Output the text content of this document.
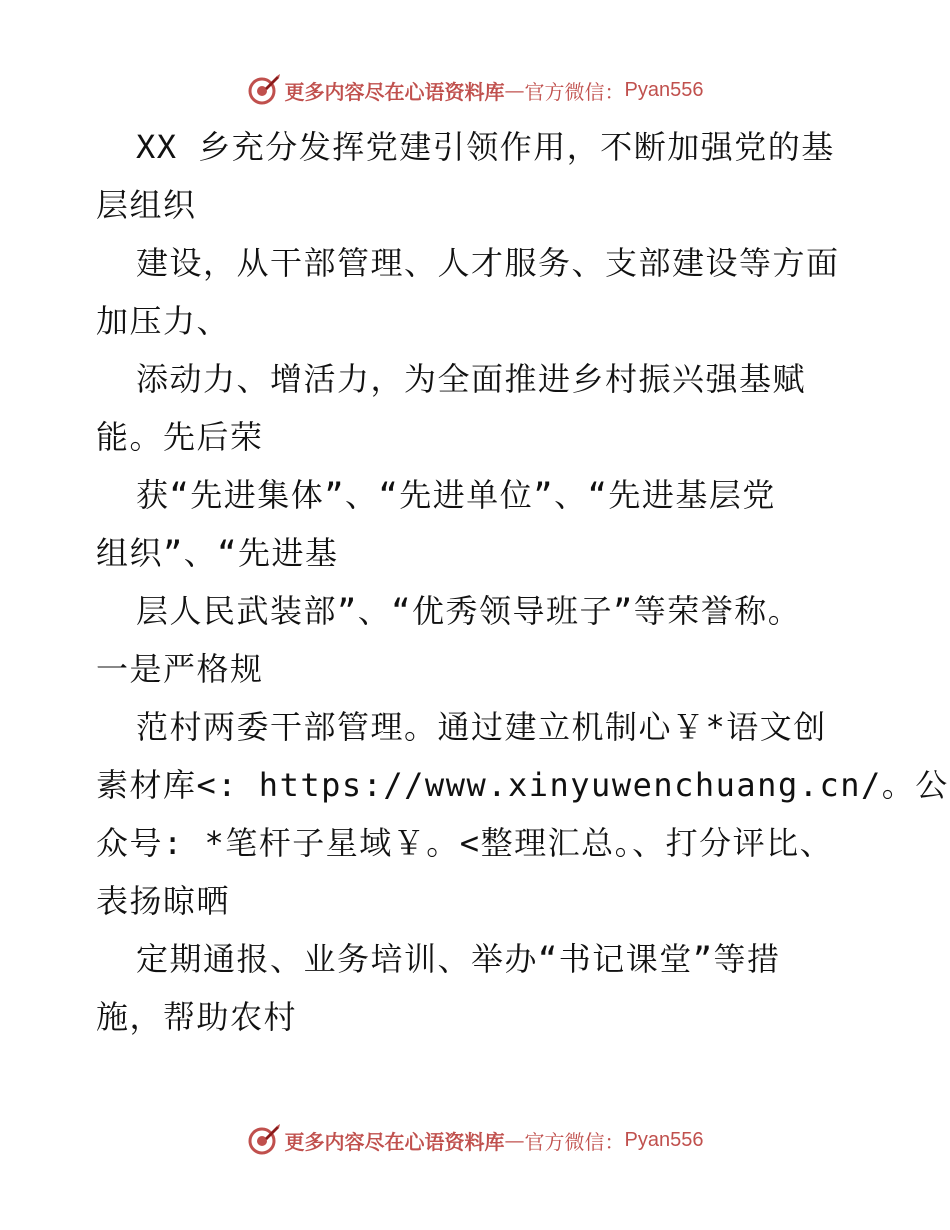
更多内容尽在心语资料库 — 官方微信： Pyan556
XX 乡充分发挥党建引领作用，不断加强党的基
层组织
建设，从干部管理、人才服务、支部建设等方面
加压力、
添动力、增活力，为全面推进乡村振兴强基赋
能。先后荣
获“先进集体”、“先进单位”、“先进基层党
组织”、“先进基
层人民武装部”、“优秀领导班子”等荣誉称。
一是严格规
范村两委干部管理。通过建立机制心￥*语文创
素材库<: https://www.xinyuwenchuang.cn/。公
众号: *笔杆子星域￥。<整理汇总。、打分评比、
表扬晾晒
定期通报、业务培训、举办“书记课堂”等措
施，帮助农村
更多内容尽在心语资料库 — 官方微信： Pyan556
